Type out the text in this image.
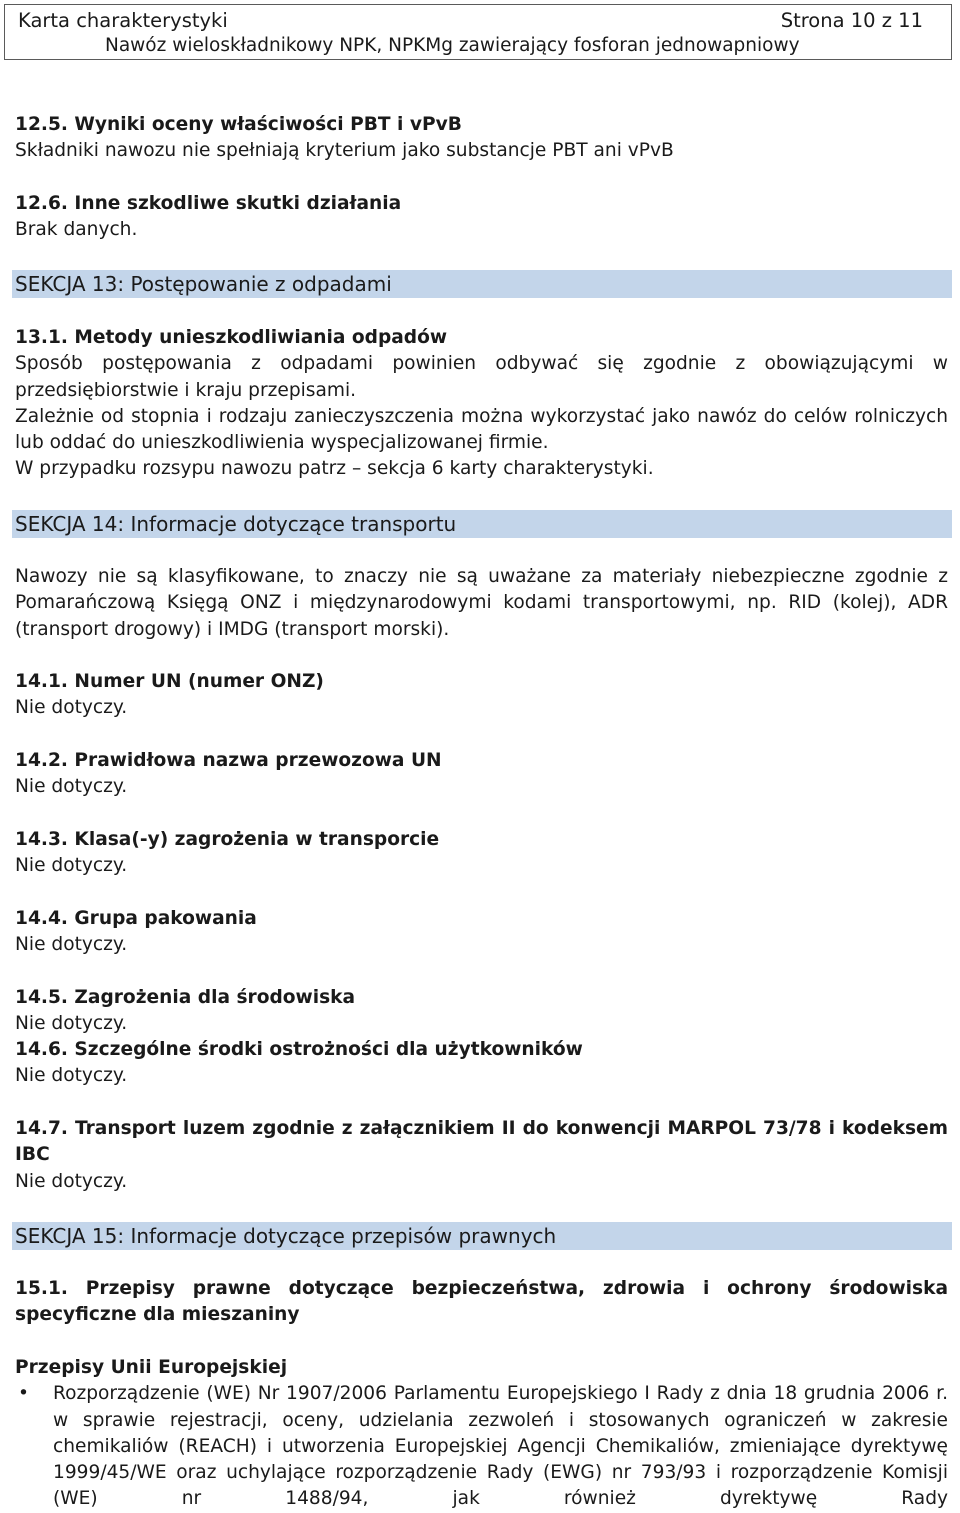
Karta charakterystyki	Strona 10 z 11
Nawóz wieloskładnikowy NPK, NPKMg zawierający fosforan jednowapniowy

12.5. Wyniki oceny właściwości PBT i vPvB

Składniki nawozu nie spełniają kryterium jako substancje PBT ani vPvB

12.6. Inne szkodliwe skutki działania

Brak danych.

SEKCJA 13: Postępowanie z odpadami

13.1. Metody unieszkodliwiania odpadów

Sposób postępowania z odpadami powinien odbywać się zgodnie z obowiązującymi w przedsiębiorstwie i kraju przepisami.

Zależnie od stopnia i rodzaju zanieczyszczenia można wykorzystać jako nawóz do celów rolniczych lub oddać do unieszkodliwienia wyspecjalizowanej firmie.

W przypadku rozsypu nawozu patrz – sekcja 6 karty charakterystyki.

SEKCJA 14: Informacje dotyczące transportu
Nawozy nie są klasyfikowane, to znaczy nie są uważane za materiały niebezpieczne zgodnie z Pomarańczową Księgą ONZ i międzynarodowymi kodami transportowymi, np. RID (kolej), ADR (transport drogowy) i IMDG (transport morski).

14.1. Numer UN (numer ONZ)

Nie dotyczy.

14.2. Prawidłowa nazwa przewozowa UN

Nie dotyczy.

14.3. Klasa(-y) zagrożenia w transporcie

Nie dotyczy.

14.4. Grupa pakowania

Nie dotyczy.

14.5. Zagrożenia dla środowiska

Nie dotyczy.

14.6. Szczególne środki ostrożności dla użytkowników

Nie dotyczy.

14.7. Transport luzem zgodnie z załącznikiem II do konwencji MARPOL 73/78 i kodeksem IBC

Nie dotyczy.

SEKCJA 15: Informacje dotyczące przepisów prawnych

15.1. Przepisy prawne dotyczące bezpieczeństwa, zdrowia i ochrony środowiska specyficzne dla mieszaniny

Przepisy Unii Europejskiej

• Rozporządzenie (WE) Nr 1907/2006 Parlamentu Europejskiego I Rady z dnia 18 grudnia 2006 r. w sprawie rejestracji, oceny, udzielania zezwoleń i stosowanych ograniczeń w zakresie chemikaliów (REACH) i utworzenia Europejskiej Agencji Chemikaliów, zmieniające dyrektywę 1999/45/WE oraz uchylające rozporządzenie Rady (EWG) nr 793/93 i rozporządzenie Komisji (WE) nr 1488/94, jak również dyrektywę Rady
